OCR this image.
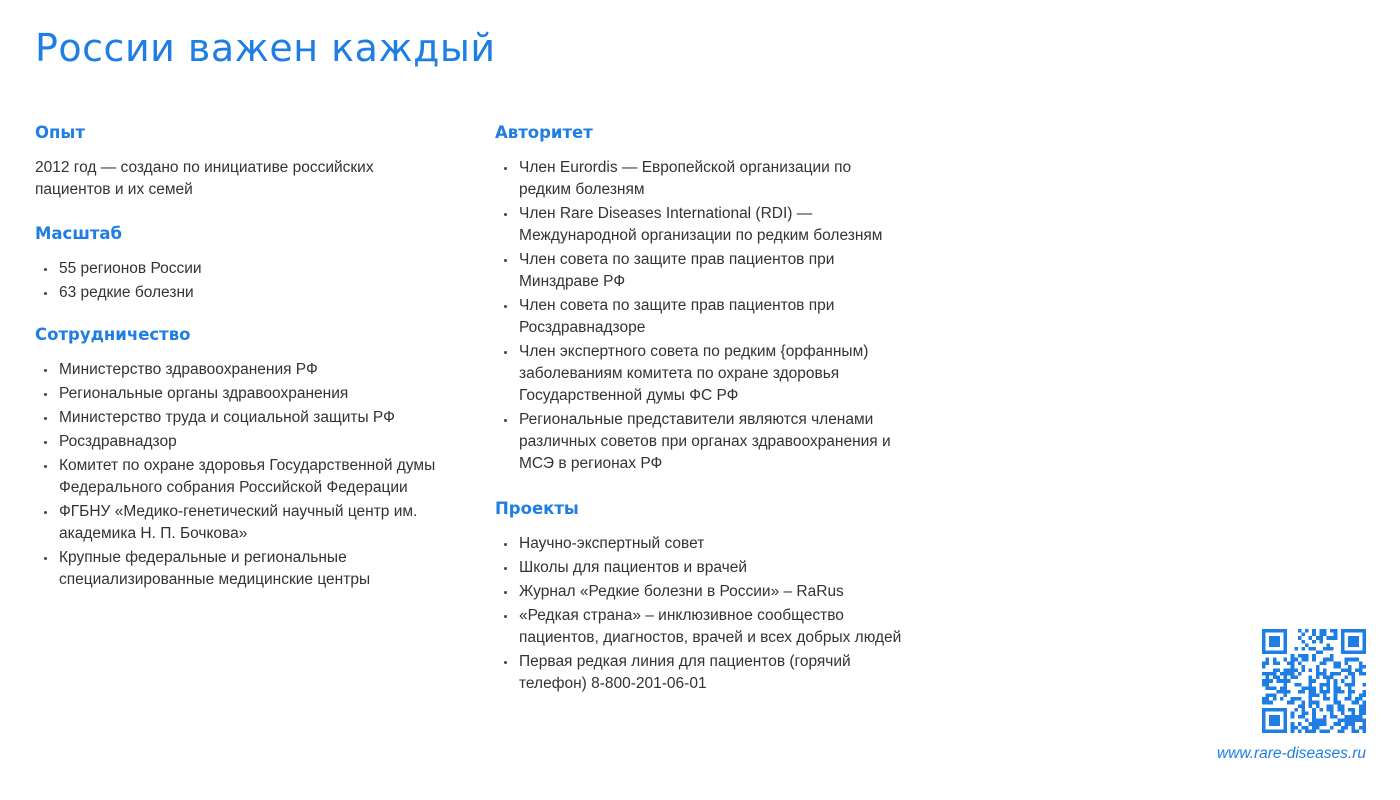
России важен каждый
Опыт

2012 год — создано по инициативе российских пациентов и их семей

Масштаб
55 регионов России
63 редкие болезни
Сотрудничество
Министерство здравоохранения РФ
Региональные органы здравоохранения
Министерство труда и социальной защиты РФ
Росздравнадзор
Комитет по охране здоровья Государственной думы Федерального собрания Российской Федерации
ФГБНУ «Медико-генетический научный центр им. академика Н. П. Бочкова»
Крупные федеральные и региональные специализированные медицинские центры
Авторитет
Член Eurordis — Европейской организации по редким болезням
Член Rare Diseases International (RDI) — Международной организации по редким болезням
Член совета по защите прав пациентов при Минздраве РФ
Член совета по защите прав пациентов при Росздравнадзоре
Член экспертного совета по редким {орфанным) заболеваниям комитета по охране здоровья Государственной думы ФС РФ
Региональные представители являются членами различных советов при органах здравоохранения и МСЭ в регионах РФ
Проекты
Научно-экспертный совет
Школы для пациентов и врачей
Журнал «Редкие болезни в России» – RaRus
«Редкая страна» – инклюзивное сообщество пациентов, диагностов, врачей и всех добрых людей
Первая редкая линия для пациентов (горячий телефон) 8-800-201-06-01
www.rare-diseases.ru
